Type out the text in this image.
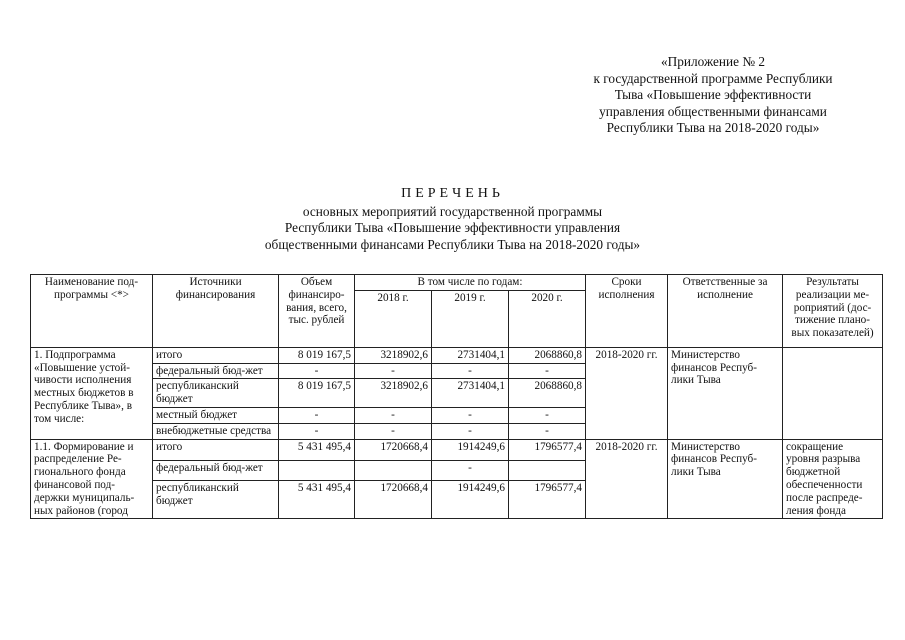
«Приложение № 2
к государственной программе Республики
Тыва «Повышение эффективности
управления общественными финансами
Республики Тыва на 2018-2020 годы»
ПЕРЕЧЕНЬ
основных мероприятий государственной программы
Республики Тыва «Повышение эффективности управления
общественными финансами Республики Тыва на 2018-2020 годы»
Наименование под-программы <*>	Источники финансирования	Объем финансиро-вания, всего, тыс. рублей	В том числе по годам:			Сроки исполнения	Ответственные за исполнение	Результаты реализации ме-роприятий (дос-тижение плано-вых показателей)
			2018 г.	2019 г.	2020 г.			
1. Подпрограмма «Повышение устой-чивости исполнения местных бюджетов в Республике Тыва», в том числе:	итого	8 019 167,5	3218902,6	2731404,1	2068860,8	2018-2020 гг.	Министерство финансов Респуб-лики Тыва	
	федеральный бюд-жет	-	-	-	-			
	республиканский бюджет	8 019 167,5	3218902,6	2731404,1	2068860,8			
	местный бюджет	-	-	-	-			
	внебюджетные средства	-	-	-	-			
1.1. Формирование и распределение Ре-гионального фонда финансовой под-держки муниципаль-ных районов (город	итого	5 431 495,4	1720668,4	1914249,6	1796577,4	2018-2020 гг.	Министерство финансов Респуб-лики Тыва	сокращение уровня разрыва бюджетной обеспеченности после распреде-ления фонда
	федеральный бюд-жет			-				
	республиканский бюджет	5 431 495,4	1720668,4	1914249,6	1796577,4			
